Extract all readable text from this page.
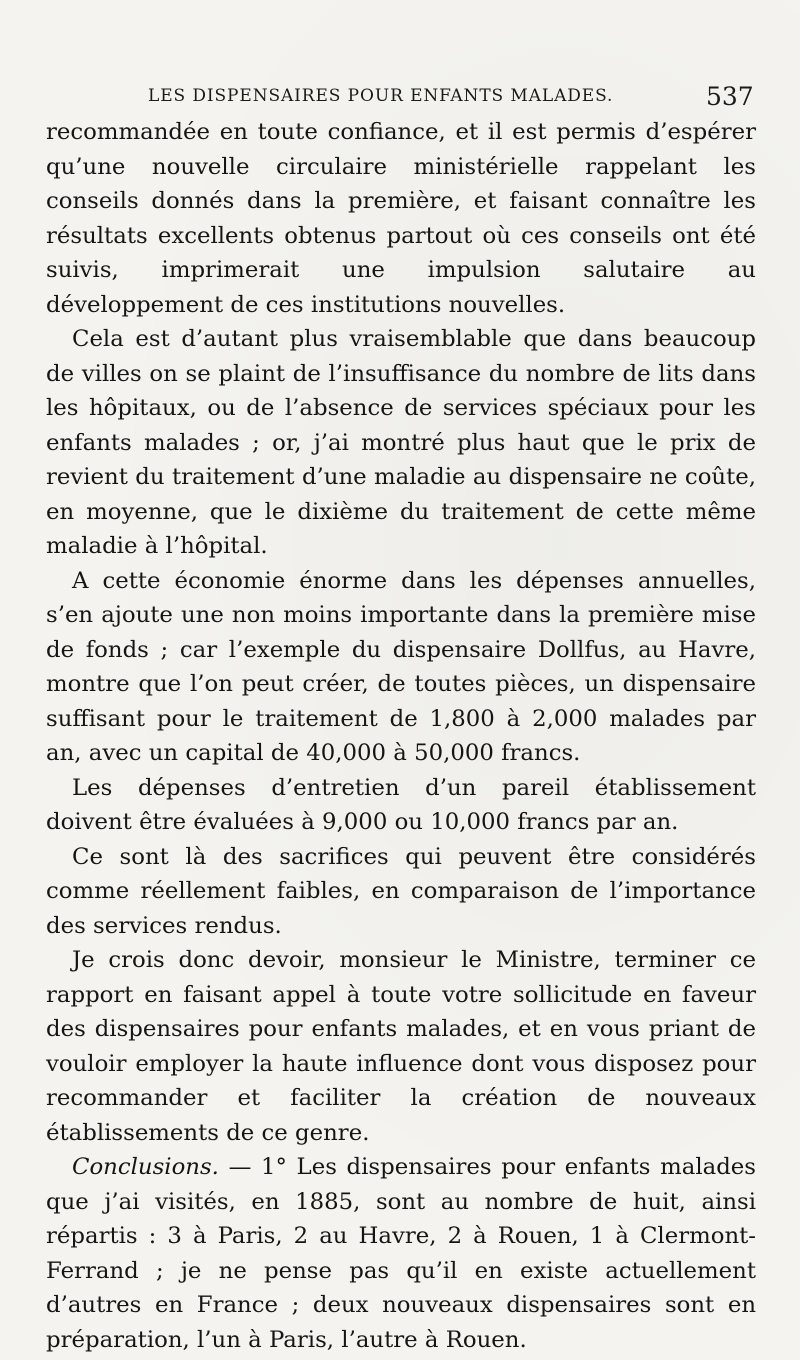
LES DISPENSAIRES POUR ENFANTS MALADES.	537

recommandée en toute confiance, et il est permis d’espérer qu’une nouvelle circulaire ministérielle rappelant les conseils donnés dans la première, et faisant connaître les résultats excellents obtenus partout où ces conseils ont été suivis, imprimerait une impulsion salutaire au développement de ces institutions nouvelles.

Cela est d’autant plus vraisemblable que dans beaucoup de villes on se plaint de l’insuffisance du nombre de lits dans les hôpitaux, ou de l’absence de services spéciaux pour les enfants malades ; or, j’ai montré plus haut que le prix de revient du traitement d’une maladie au dispensaire ne coûte, en moyenne, que le dixième du traitement de cette même maladie à l’hôpital.

A cette économie énorme dans les dépenses annuelles, s’en ajoute une non moins importante dans la première mise de fonds ; car l’exemple du dispensaire Dollfus, au Havre, montre que l’on peut créer, de toutes pièces, un dispensaire suffisant pour le traitement de 1,800 à 2,000 malades par an, avec un capital de 40,000 à 50,000 francs.

Les dépenses d’entretien d’un pareil établissement doivent être évaluées à 9,000 ou 10,000 francs par an.

Ce sont là des sacrifices qui peuvent être considérés comme réellement faibles, en comparaison de l’importance des services rendus.

Je crois donc devoir, monsieur le Ministre, terminer ce rapport en faisant appel à toute votre sollicitude en faveur des dispensaires pour enfants malades, et en vous priant de vouloir employer la haute influence dont vous disposez pour recommander et faciliter la création de nouveaux établissements de ce genre.

Conclusions. — 1° Les dispensaires pour enfants malades que j’ai visités, en 1885, sont au nombre de huit, ainsi répartis : 3 à Paris, 2 au Havre, 2 à Rouen, 1 à Clermont-Ferrand ; je ne pense pas qu’il en existe actuellement d’autres en France ; deux nouveaux dispensaires sont en préparation, l’un à Paris, l’autre à Rouen.
